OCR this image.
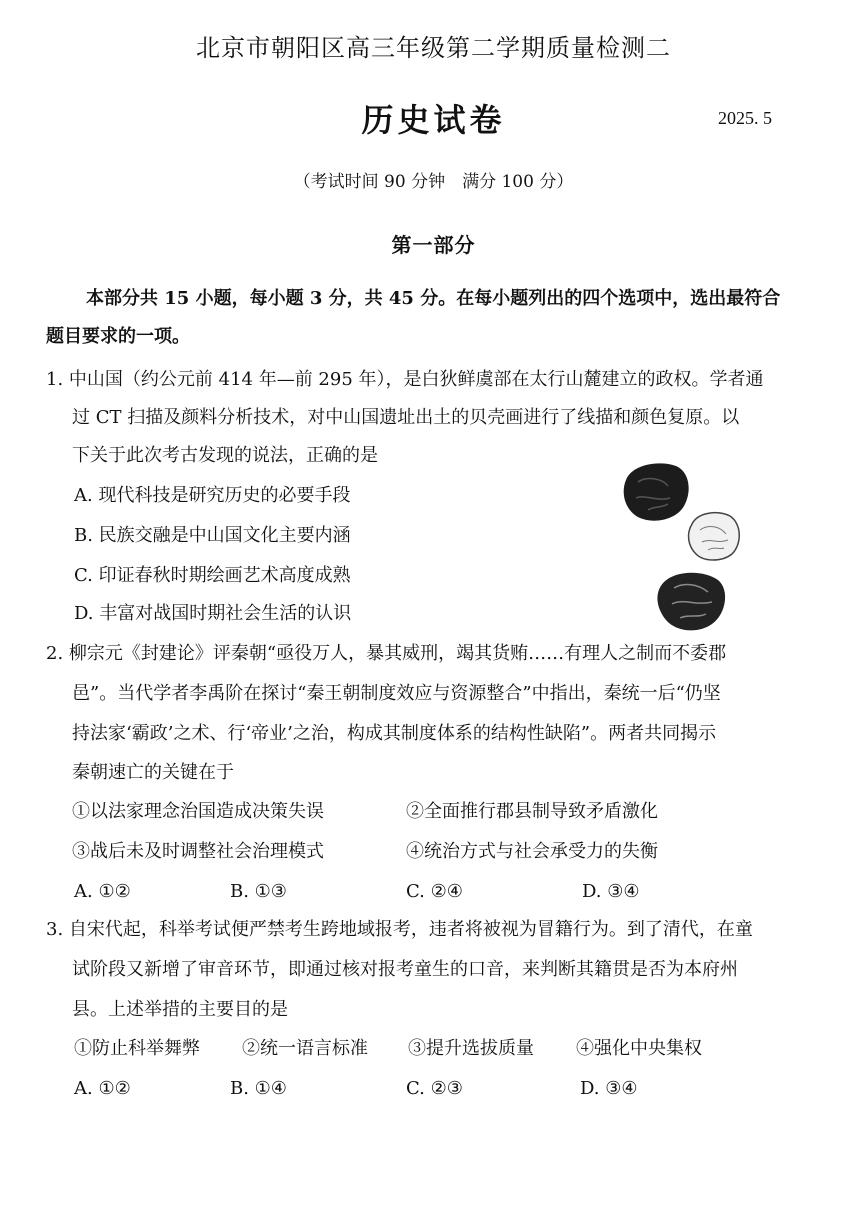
北京市朝阳区高三年级第二学期质量检测二
历史试卷	2025. 5
（考试时间 90 分钟　满分 100 分）
第一部分
本部分共 15 小题，每小题 3 分，共 45 分。在每小题列出的四个选项中，选出最符合
题目要求的一项。
1. 中山国（约公元前 414 年—前 295 年），是白狄鲜虞部在太行山麓建立的政权。学者通
过 CT 扫描及颜料分析技术，对中山国遗址出土的贝壳画进行了线描和颜色复原。以
下关于此次考古发现的说法，正确的是
A. 现代科技是研究历史的必要手段
B. 民族交融是中山国文化主要内涵
C. 印证春秋时期绘画艺术高度成熟
D. 丰富对战国时期社会生活的认识
2. 柳宗元《封建论》评秦朝“亟役万人，暴其威刑，竭其货贿……有理人之制而不委郡
邑”。当代学者李禹阶在探讨“秦王朝制度效应与资源整合”中指出，秦统一后“仍坚
持法家‘霸政’之术、行‘帝业’之治，构成其制度体系的结构性缺陷”。两者共同揭示
秦朝速亡的关键在于
①以法家理念治国造成决策失误	②全面推行郡县制导致矛盾激化
③战后未及时调整社会治理模式	④统治方式与社会承受力的失衡
A. ①②	B. ①③	C. ②④	D. ③④
3. 自宋代起，科举考试便严禁考生跨地域报考，违者将被视为冒籍行为。到了清代，在童
试阶段又新增了审音环节，即通过核对报考童生的口音，来判断其籍贯是否为本府州
县。上述举措的主要目的是
①防止科举舞弊 ②统一语言标准 ③提升选拔质量 ④强化中央集权
A. ①②	B. ①④	C. ②③	D. ③④
